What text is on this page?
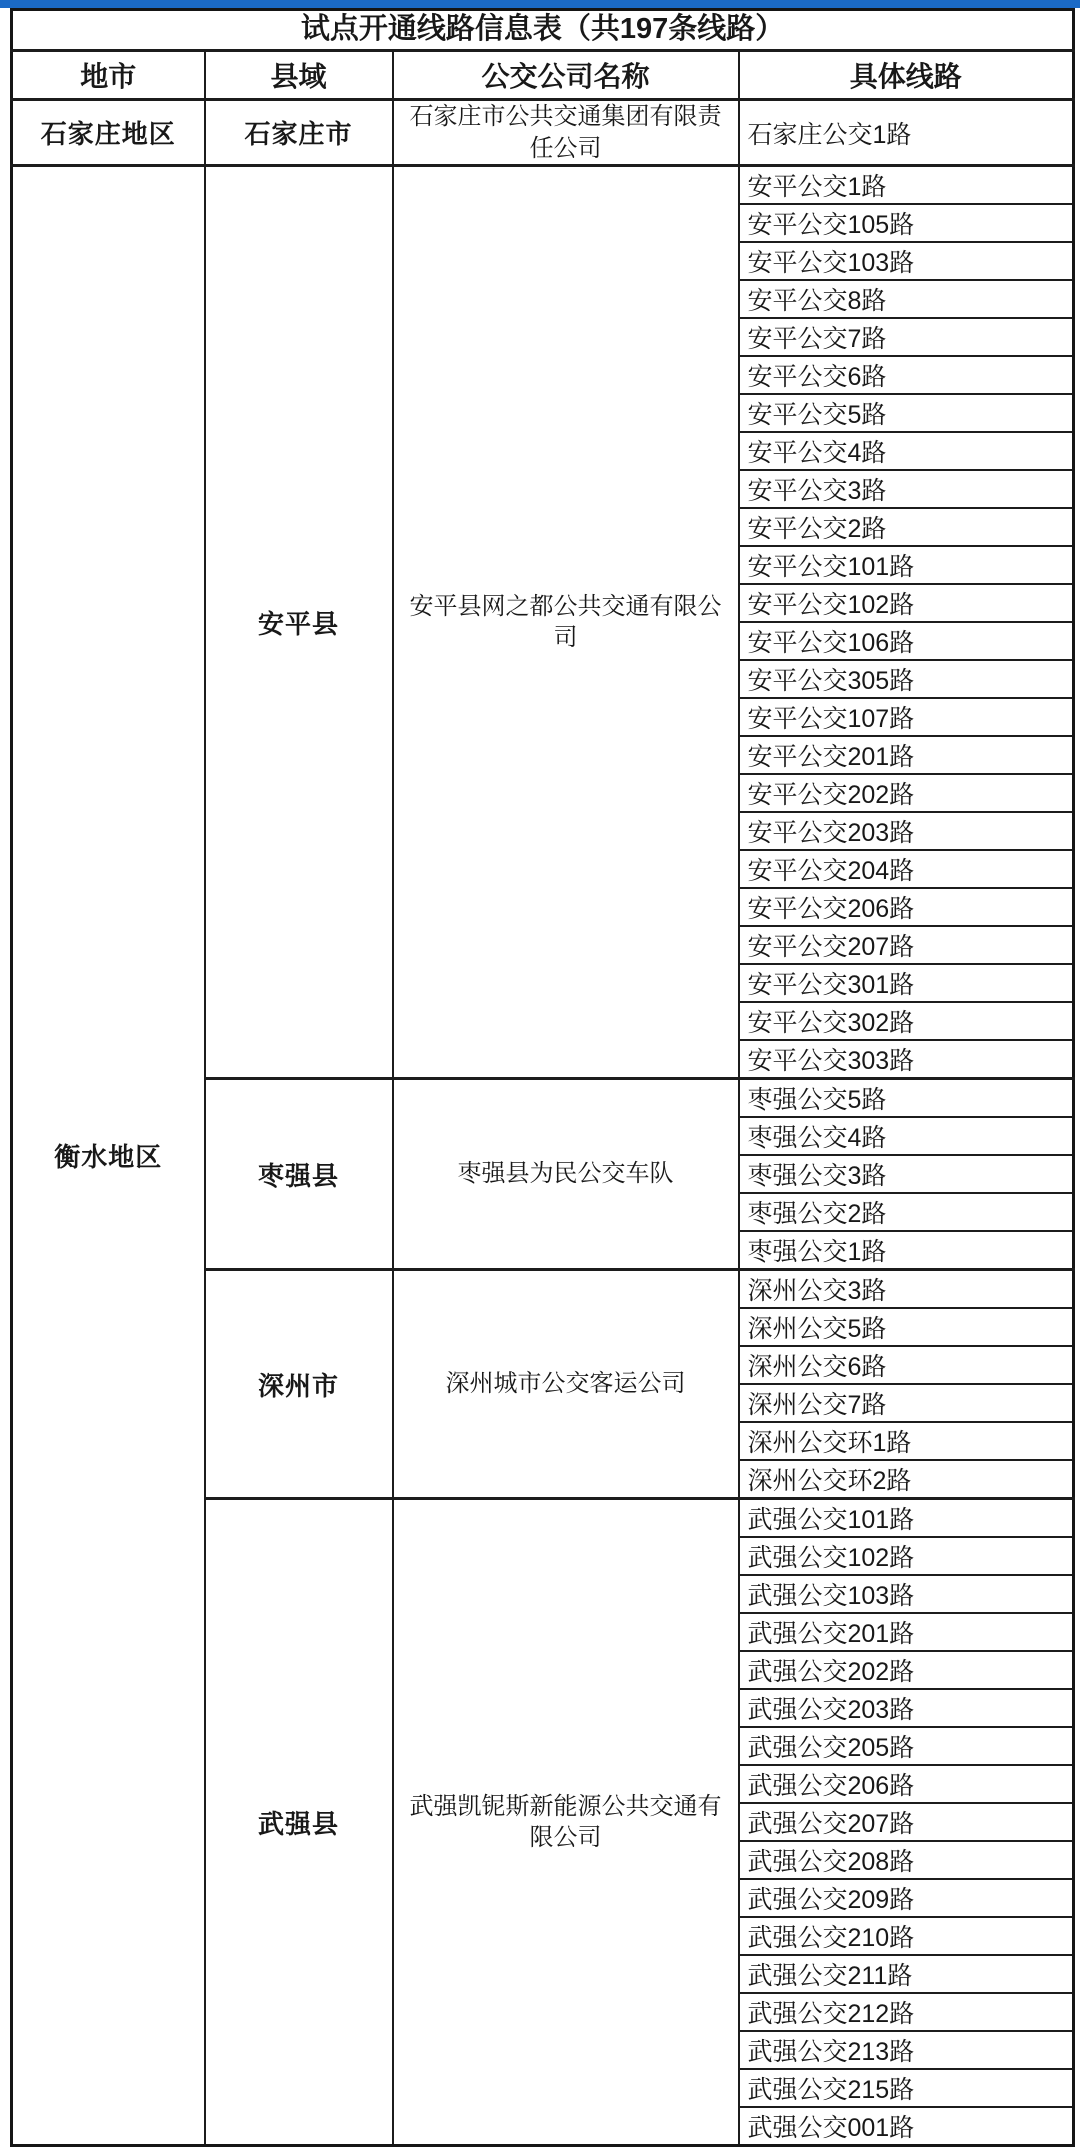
试点开通线路信息表（共197条线路）			
地市	县域	公交公司名称	具体线路
石家庄地区	石家庄市	石家庄市公共交通集团有限责任公司	石家庄公交1路
衡水地区	安平县	安平县网之都公共交通有限公司	安平公交1路
			安平公交105路
			安平公交103路
			安平公交8路
			安平公交7路
			安平公交6路
			安平公交5路
			安平公交4路
			安平公交3路
			安平公交2路
			安平公交101路
			安平公交102路
			安平公交106路
			安平公交305路
			安平公交107路
			安平公交201路
			安平公交202路
			安平公交203路
			安平公交204路
			安平公交206路
			安平公交207路
			安平公交301路
			安平公交302路
			安平公交303路
	枣强县	枣强县为民公交车队	枣强公交5路
			枣强公交4路
			枣强公交3路
			枣强公交2路
			枣强公交1路
	深州市	深州城市公交客运公司	深州公交3路
			深州公交5路
			深州公交6路
			深州公交7路
			深州公交环1路
			深州公交环2路
	武强县	武强凯铌斯新能源公共交通有限公司	武强公交101路
			武强公交102路
			武强公交103路
			武强公交201路
			武强公交202路
			武强公交203路
			武强公交205路
			武强公交206路
			武强公交207路
			武强公交208路
			武强公交209路
			武强公交210路
			武强公交211路
			武强公交212路
			武强公交213路
			武强公交215路
			武强公交001路
